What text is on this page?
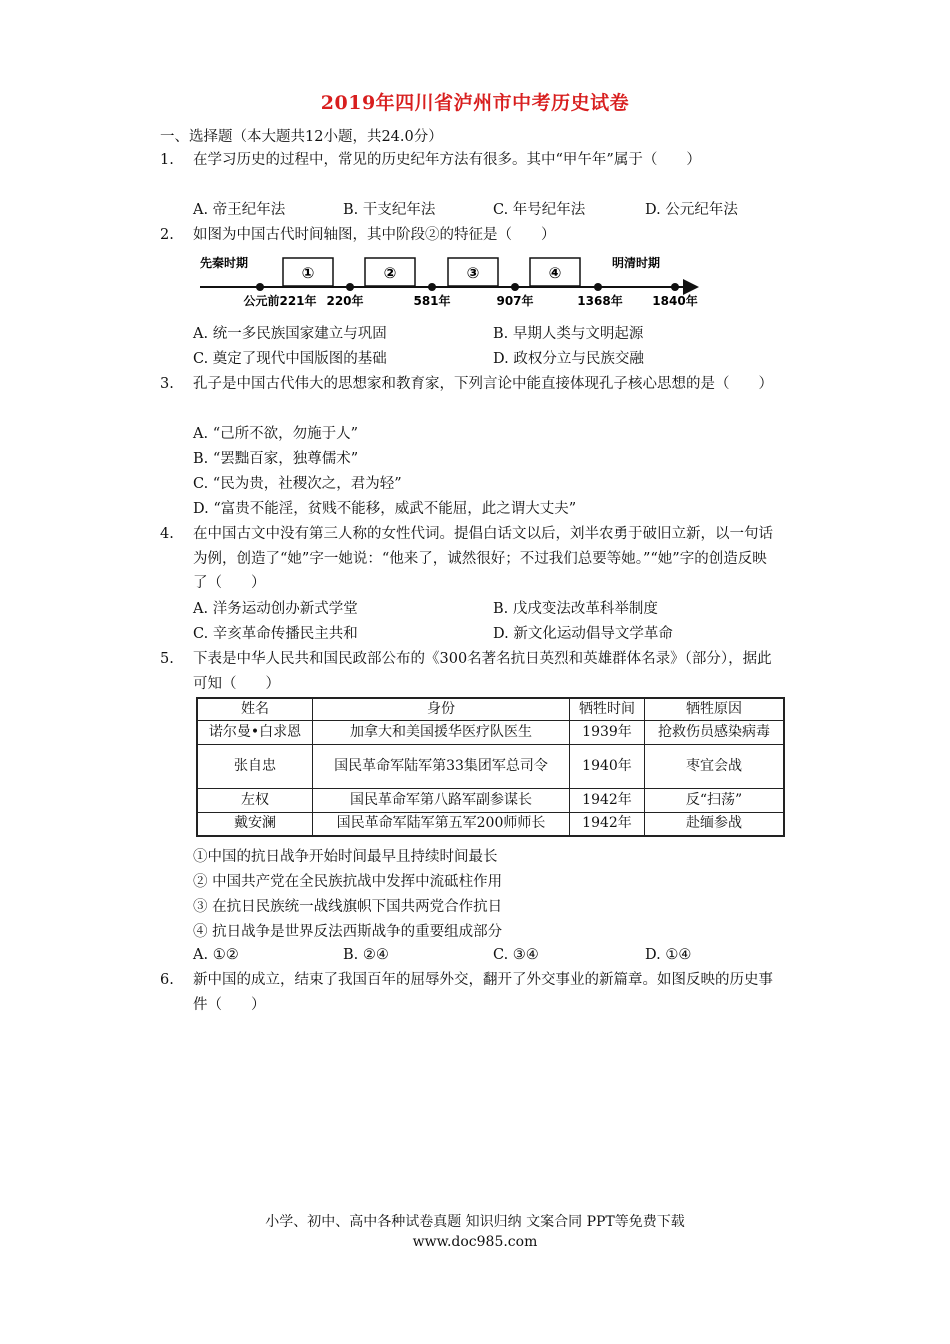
2019年四川省泸州市中考历史试卷
一、选择题（本大题共12小题，共24.0分）
1. 在学习历史的过程中，常见的历史纪年方法有很多。其中“甲午年”属于（　　）
A. 帝王纪年法	B. 干支纪年法	C. 年号纪年法	D. 公元纪年法
2. 如图为中国古代时间轴图，其中阶段②的特征是（　　）
先秦时期	明清时期
①	②	③	④
公元前221年 220年	581年	907年	1368年 1840年
A. 统一多民族国家建立与巩固	B. 早期人类与文明起源
C. 奠定了现代中国版图的基础	D. 政权分立与民族交融
3. 孔子是中国古代伟大的思想家和教育家，下列言论中能直接体现孔子核心思想的是（　　）
A. “己所不欲，勿施于人”
B. “罢黜百家，独尊儒术”
C. “民为贵，社稷次之，君为轻”
D. “富贵不能淫，贫贱不能移，威武不能屈，此之谓大丈夫”
4. 在中国古文中没有第三人称的女性代词。提倡白话文以后，刘半农勇于破旧立新，以一句话为例，创造了“她”字一她说：“他来了，诚然很好；不过我们总要等她。”“她”字的创造反映了（　　）
A. 洋务运动创办新式学堂	B. 戊戌变法改革科举制度
C. 辛亥革命传播民主共和	D. 新文化运动倡导文学革命
5. 下表是中华人民共和国民政部公布的《300名著名抗日英烈和英雄群体名录》（部分），据此可知（　　）
姓名	身份	牺牲时间	牺牲原因
诺尔曼•白求恩	加拿大和美国援华医疗队医生	1939年	抢救伤员感染病毒
张自忠	国民革命军陆军第33集团军总司令	1940年	枣宜会战
左权	国民革命军第八路军副参谋长	1942年	反“扫荡”
戴安澜	国民革命军陆军第五军200师师长	1942年	赴缅参战
①中国的抗日战争开始时间最早且持续时间最长
② 中国共产党在全民族抗战中发挥中流砥柱作用
③ 在抗日民族统一战线旗帜下国共两党合作抗日
④ 抗日战争是世界反法西斯战争的重要组成部分
A. ①②	B. ②④	C. ③④	D. ①④
6. 新中国的成立，结束了我国百年的屈辱外交，翻开了外交事业的新篇章。如图反映的历史事件（　　）
小学、初中、高中各种试卷真题 知识归纳 文案合同 PPT等免费下载
www.doc985.com
